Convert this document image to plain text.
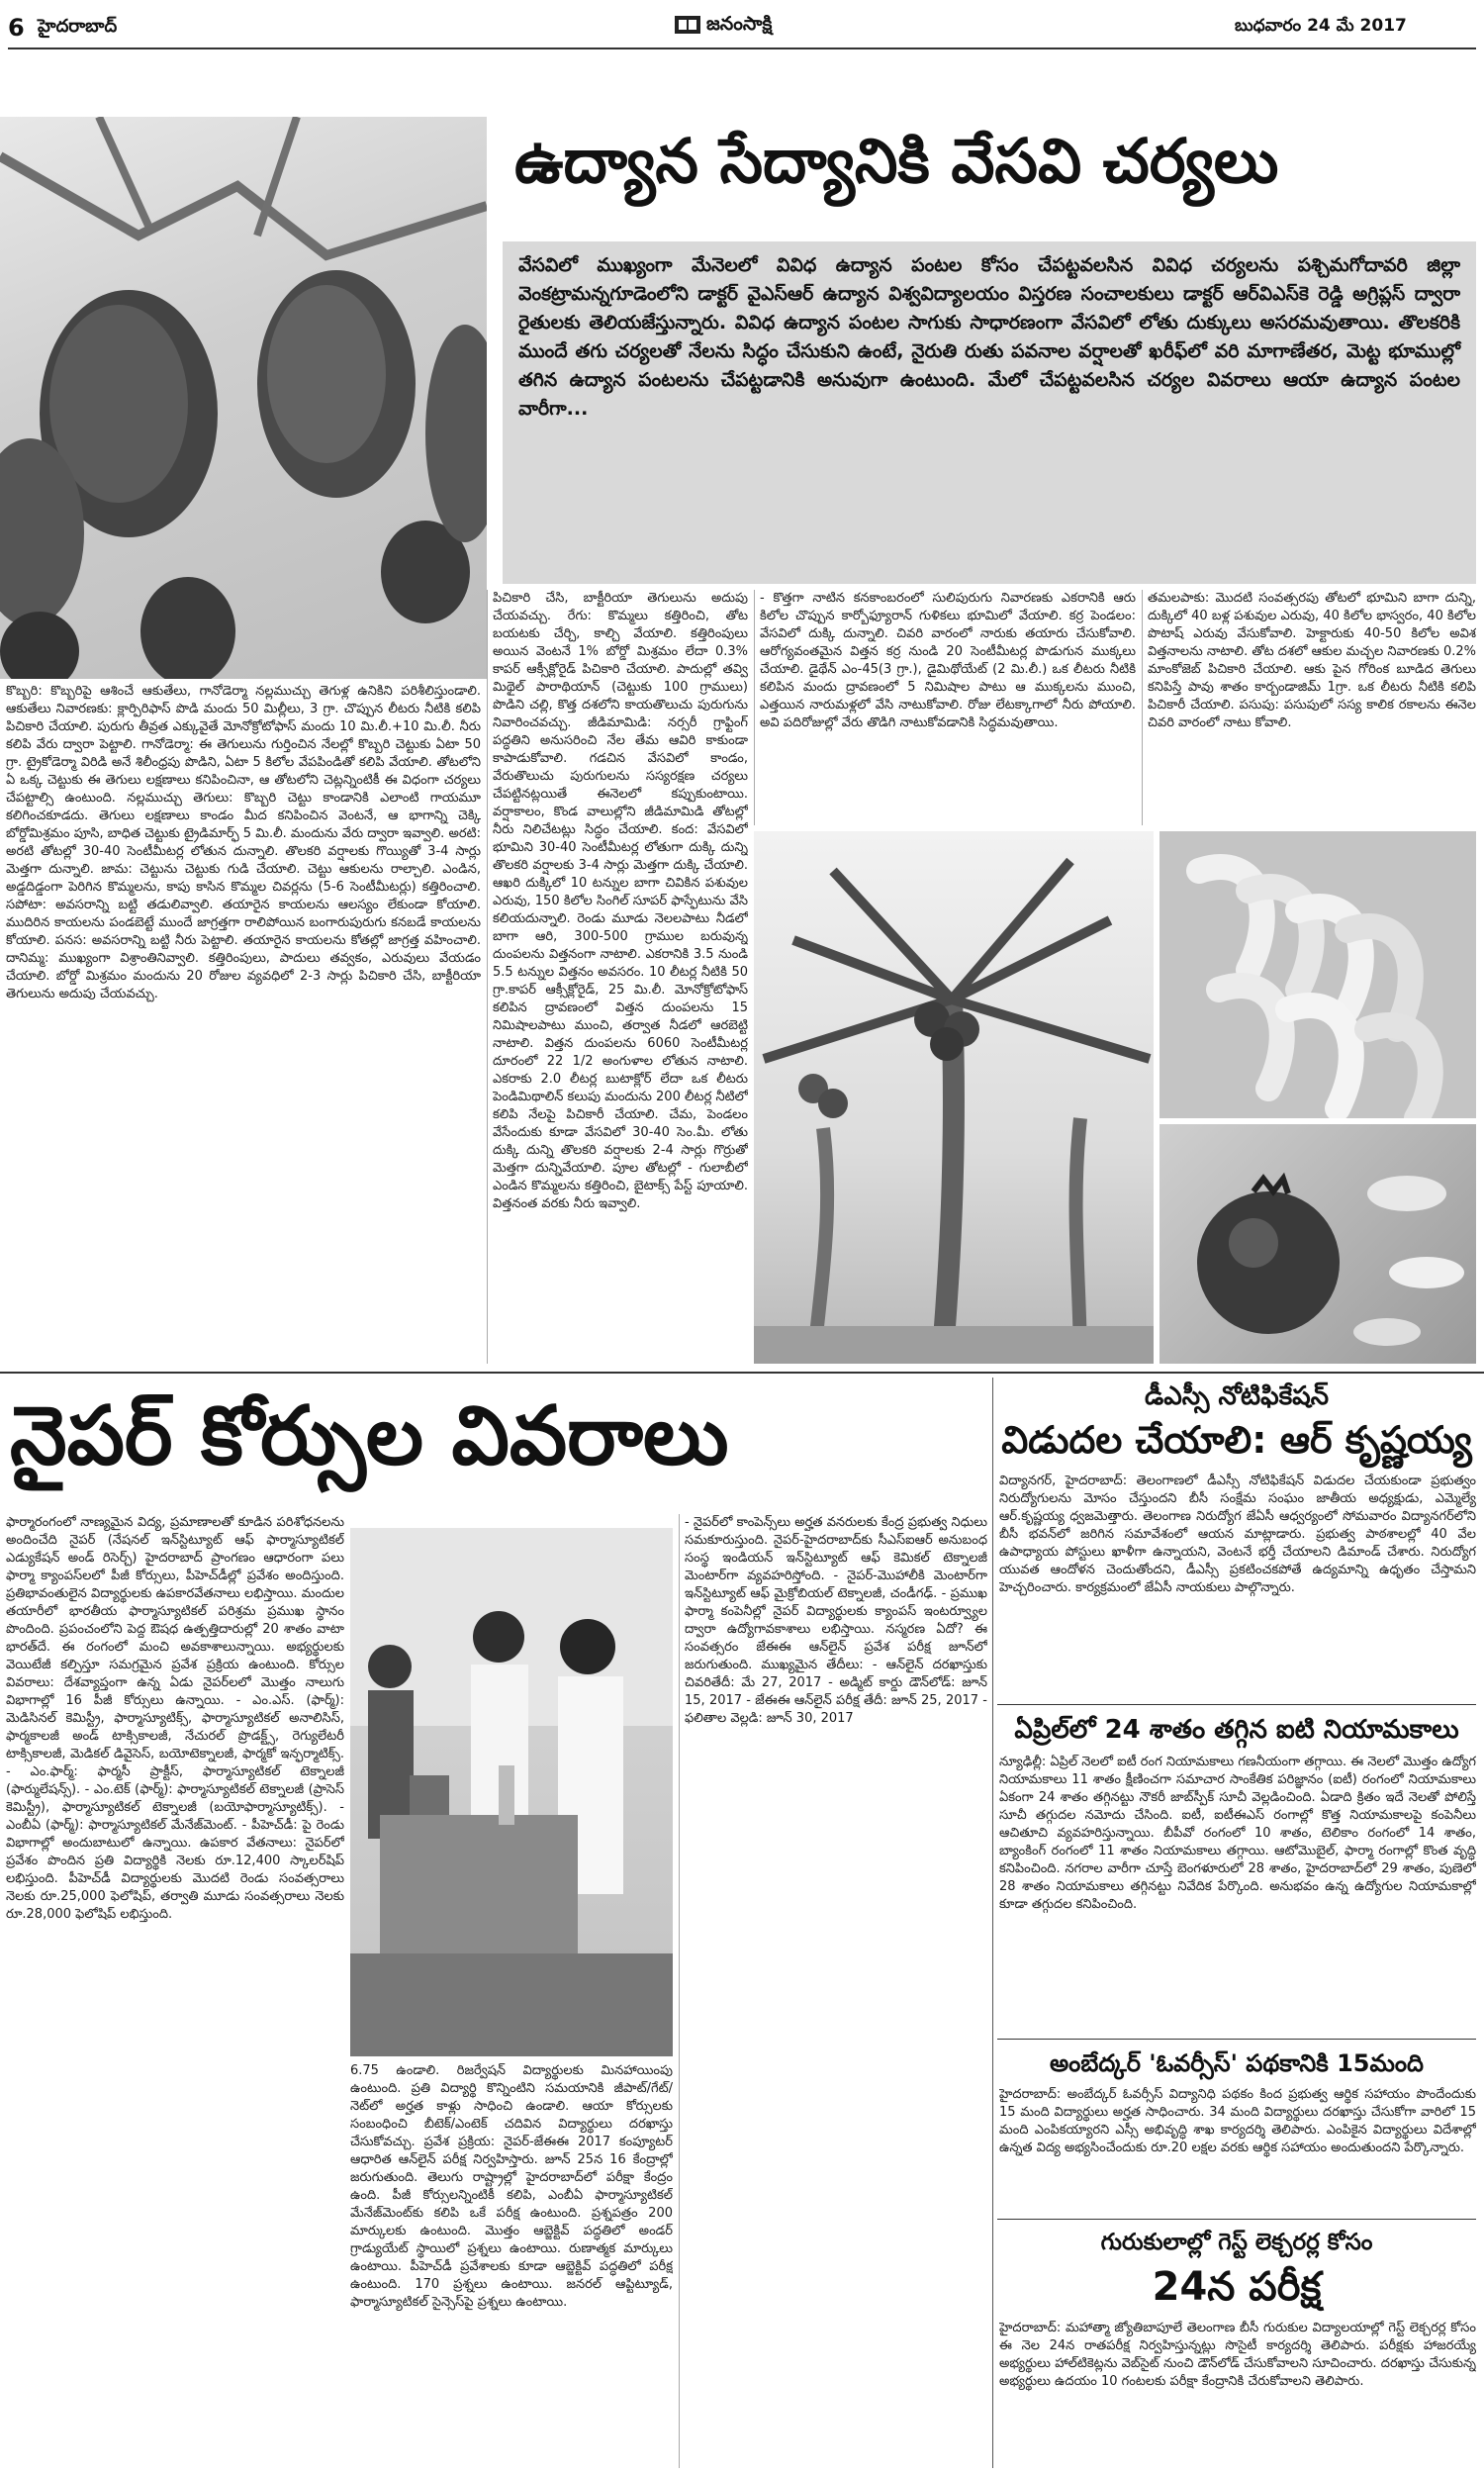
6 హైదరాబాద్	జనంసాక్షి	బుధవారం 24 మే 2017
ఉద్యాన సేద్యానికి వేసవి చర్యలు
వేసవిలో ముఖ్యంగా మేనెలలో వివిధ ఉద్యాన పంటల కోసం చేపట్టవలసిన వివిధ చర్యలను పశ్చిమగోదావరి జిల్లా వెంకట్రామన్నగూడెంలోని డాక్టర్ వైఎస్ఆర్ ఉద్యాన విశ్వవిద్యాలయం విస్తరణ సంచాలకులు డాక్టర్ ఆర్‌విఎస్‌కె రెడ్డి అగ్రిప్లస్ ద్వారా రైతులకు తెలియజేస్తున్నారు. వివిధ ఉద్యాన పంటల సాగుకు సాధారణంగా వేసవిలో లోతు దుక్కులు అసరమవుతాయి. తొలకరికి ముందే తగు చర్యలతో నేలను సిద్ధం చేసుకుని ఉంటే, నైరుతి రుతు పవనాల వర్షాలతో ఖరీఫ్‌లో వరి మాగాణేతర, మెట్ట భూముల్లో తగిన ఉద్యాన పంటలను చేపట్టడానికి అనువుగా ఉంటుంది. మేలో చేపట్టవలసిన చర్యల వివరాలు ఆయా ఉద్యాన పంటల వారీగా...
కొబ్బరి: కొబ్బరిపై ఆశించే ఆకుతేలు, గానోడెర్మా నల్లముచ్చు తెగుళ్ల ఉనికిని పరిశీలిస్తుండాలి. ఆకుతేలు నివారణకు: క్లార్పిరిఫాస్ పొడి మందు 50 మిల్లీలు, 3 గ్రా. చొప్పున లీటరు నీటికి కలిపి పిచికారి చేయాలి. పురుగు తీవ్రత ఎక్కువైతే మోనోక్రోటోఫాస్ మందు 10 మి.లీ.+10 మి.లీ. నీరు కలిపి వేరు ద్వారా పెట్టాలి. గానోడెర్మా: ఈ తెగులును గుర్తించిన నేలల్లో కొబ్బరి చెట్టుకు ఏటా 50 గ్రా. ట్రైకోడెర్మా విరిడి అనే శిలీంధ్రపు పొడిని, ఏటా 5 కిలోల వేపపిండితో కలిపి వేయాలి. తోటలోని ఏ ఒక్క చెట్టుకు ఈ తెగులు లక్షణాలు కనిపించినా, ఆ తోటలోని చెట్లన్నింటికీ ఈ విధంగా చర్యలు చేపట్టాల్సి ఉంటుంది. నల్లముచ్చు తెగులు: కొబ్బరి చెట్టు కాండానికి ఎలాంటి గాయమూ కలిగించకూడదు. తెగులు లక్షణాలు కాండం మీద కనిపించిన వెంటనే, ఆ భాగాన్ని చెక్కి బోర్డోమిశ్రమం పూసి, బాధిత చెట్టుకు ట్రైడిమార్ఫ్ 5 మి.లీ. మందును వేరు ద్వారా ఇవ్వాలి. అరటి: అరటి తోటల్లో 30-40 సెంటీమీటర్ల లోతున దున్నాలి. తొలకరి వర్షాలకు గొయ్యితో 3-4 సార్లు మెత్తగా దున్నాలి. జామ: చెట్టును చెట్టుకు గుడి చేయాలి. చెట్టు ఆకులను రాల్చాలి. ఎండిన, అడ్డదిడ్డంగా పెరిగిన కొమ్మలను, కాపు కాసిన కొమ్మల చివర్లను (5-6 సెంటీమీటర్లు) కత్తిరించాలి. సపోటా: అవసరాన్ని బట్టి తడులివ్వాలి. తయారైన కాయలను ఆలస్యం లేకుండా కోయాలి. ముదిరిన కాయలను పండబెట్టే ముందే జాగ్రత్తగా రాలిపోయిన బంగారుపురుగు కనబడే కాయలను కోయాలి. పనస: అవసరాన్ని బట్టి నీరు పెట్టాలి. తయారైన కాయలను కోతల్లో జాగ్రత్త వహించాలి. దానిమ్మ: ముఖ్యంగా విశ్రాంతినివ్వాలి. కత్తిరింపులు, పాదులు తవ్వకం, ఎరువులు వేయడం చేయాలి. బోర్డో మిశ్రమం మందును 20 రోజుల వ్యవధిలో 2-3 సార్లు పిచికారి చేసి, బాక్టీరియా తెగులును అదుపు చేయవచ్చు.
పిచికారి చేసి, బాక్టీరియా తెగులును అదుపు చేయవచ్చు. రేగు: కొమ్మలు కత్తిరించి, తోట బయటకు చేర్చి, కాల్చి వేయాలి. కత్తిరింపులు అయిన వెంటనే 1% బోర్డో మిశ్రమం లేదా 0.3% కాపర్ ఆక్సీక్లోరైడ్ పిచికారి చేయాలి. పాదుల్లో తవ్వి మిథైల్ పారాథియాన్ (చెట్టుకు 100 గ్రాములు) పొడిని చల్లి, కొత్త దశలోని కాయతొలుచు పురుగును నివారించవచ్చు. జీడిమామిడి: నర్సరీ గ్రాఫ్టింగ్ పద్ధతిని అనుసరించి నేల తేమ ఆవిరి కాకుండా కాపాడుకోవాలి. గడచిన వేసవిలో కాండం, వేరుతొలుచు పురుగులను సస్యరక్షణ చర్యలు చేపట్టినట్లయితే ఈనెలలో కప్పుకుంటాయి. వర్షాకాలం, కొండ వాలుల్లోని జీడిమామిడి తోటల్లో నీరు నిలిచేటట్లు సిద్ధం చేయాలి. కంద: వేసవిలో భూమిని 30-40 సెంటీమీటర్ల లోతుగా దుక్కి దున్ని తొలకరి వర్షాలకు 3-4 సార్లు మెత్తగా దుక్కి చేయాలి. ఆఖరి దుక్కిలో 10 టన్నుల బాగా చివికిన పశువుల ఎరువు, 150 కిలోల సింగిల్ సూపర్ ఫాస్ఫేటును వేసి కలియదున్నాలి. రెండు మూడు నెలలపాటు నీడలో బాగా ఆరి, 300-500 గ్రాముల బరువున్న దుంపలను విత్తనంగా నాటాలి. ఎకరానికి 3.5 నుండి 5.5 టన్నుల విత్తనం అవసరం. 10 లీటర్ల నీటికి 50 గ్రా.కాపర్ ఆక్సీక్లోరైడ్, 25 మి.లీ. మోనోక్రోటోఫాస్ కలిపిన ద్రావణంలో విత్తన దుంపలను 15 నిమిషాలపాటు ముంచి, తర్వాత నీడలో ఆరబెట్టి నాటాలి. విత్తన దుంపలను 6060 సెంటీమీటర్ల దూరంలో 22 1/2 అంగుళాల లోతున నాటాలి. ఎకరాకు 2.0 లీటర్ల బుటాక్లోర్ లేదా ఒక లీటరు పెండిమిథాలిన్ కలుపు మందును 200 లీటర్ల నీటిలో కలిపి నేలపై పిచికారీ చేయాలి. చేమ, పెండలం వేసేందుకు కూడా వేసవిలో 30-40 సెం.మీ. లోతు దుక్కి దున్ని తొలకరి వర్షాలకు 2-4 సార్లు గొర్రుతో మెత్తగా దున్నివేయాలి. పూల తోటల్లో - గులాబీలో ఎండిన కొమ్మలను కత్తిరించి, బైటాక్స్ పేస్ట్ పూయాలి. విత్తనంత వరకు నీరు ఇవ్వాలి.
- కొత్తగా నాటిన కనకాంబరంలో సులిపురుగు నివారణకు ఎకరానికి ఆరు కిలోల చొప్పున కార్బోఫ్యూరాన్ గుళికలు భూమిలో వేయాలి. కర్ర పెండలం: వేసవిలో దుక్కి దున్నాలి. చివరి వారంలో నారుకు తయారు చేసుకోవాలి. ఆరోగ్యవంతమైన విత్తన కర్ర నుండి 20 సెంటీమీటర్ల పొడుగున ముక్కలు చేయాలి. డైథేన్ ఎం-45(3 గ్రా.), డైమిథోయేట్ (2 మి.లీ.) ఒక లీటరు నీటికి కలిపిన మందు ద్రావణంలో 5 నిమిషాల పాటు ఆ ముక్కలను ముంచి, ఎత్తయిన నారుమళ్లలో వేసి నాటుకోవాలి. రోజు లేటక్కాగాలో నీరు పోయాలి. అవి పదిరోజుల్లో వేరు తొడిగి నాటుకోవడానికి సిద్ధమవుతాయి.
తమలపాకు: మొదటి సంవత్సరపు తోటలో భూమిని బాగా దున్ని, దుక్కిలో 40 బళ్ల పశువుల ఎరువు, 40 కిలోల భాస్వరం, 40 కిలోల పొటాష్ ఎరువు వేసుకోవాలి. హెక్టారుకు 40-50 కిలోల అవిశ విత్తనాలను నాటాలి. తోట దశలో ఆకుల మచ్చల నివారణకు 0.2% మాంకోజెబ్ పిచికారి చేయాలి. ఆకు పైన గోరింక బూడిద తెగులు కనిపిస్తే పావు శాతం కార్బండాజిమ్ 1గ్రా. ఒక లీటరు నీటికి కలిపి పిచికారీ చేయాలి. పసుపు: పసుపులో సస్య కాలిక రకాలను ఈనెల చివరి వారంలో నాటు కోవాలి.
నైపర్ కోర్సుల వివరాలు
ఫార్మారంగంలో నాణ్యమైన విద్య, ప్రమాణాలతో కూడిన పరిశోధనలను అందించేది నైపర్‌ (నేషనల్ ఇన్‌స్టిట్యూట్ ఆఫ్ ఫార్మాస్యూటికల్ ఎడ్యుకేషన్ అండ్ రిసెర్చ్) హైదరాబాద్ ప్రాంగణం ఆధారంగా పలు ఫార్మా క్యాంపస్‌లలో పీజీ కోర్సులు, పీహెచ్‌డీల్లో ప్రవేశం అందిస్తుంది. ప్రతిభావంతులైన విద్యార్థులకు ఉపకారవేతనాలు లభిస్తాయి. మందుల తయారీలో భారతీయ ఫార్మాస్యూటికల్ పరిశ్రమ ప్రముఖ స్థానం పొందింది. ప్రపంచంలోని పెద్ద ఔషధ ఉత్పత్తిదారుల్లో 20 శాతం వాటా భారత్‌దే. ఈ రంగంలో మంచి అవకాశాలున్నాయి. అభ్యర్థులకు వెయిటేజీ కల్పిస్తూ సమగ్రమైన ప్రవేశ ప్రక్రియ ఉంటుంది. కోర్సుల వివరాలు: దేశవ్యాప్తంగా ఉన్న ఏడు నైపర్‌లలో మొత్తం నాలుగు విభాగాల్లో 16 పీజీ కోర్సులు ఉన్నాయి. - ఎం.ఎస్. (ఫార్మ్): మెడిసినల్ కెమిస్ట్రీ, ఫార్మాస్యూటిక్స్, ఫార్మాస్యూటికల్ అనాలిసిస్, ఫార్మకాలజీ అండ్ టాక్సికాలజీ, నేచురల్ ప్రొడక్ట్స్, రెగ్యులేటరీ టాక్సికాలజీ, మెడికల్ డివైసెస్, బయోటెక్నాలజీ, ఫార్మకో ఇన్ఫర్మాటిక్స్. - ఎం.ఫార్మ్: ఫార్మసీ ప్రాక్టీస్, ఫార్మాస్యూటికల్ టెక్నాలజీ (ఫార్ములేషన్స్). - ఎం.టెక్ (ఫార్మ్): ఫార్మాస్యూటికల్ టెక్నాలజీ (ప్రాసెస్ కెమిస్ట్రీ), ఫార్మాస్యూటికల్ టెక్నాలజీ (బయోఫార్మాస్యూటిక్స్). - ఎంబీఏ (ఫార్మ్): ఫార్మాస్యూటికల్ మేనేజ్‌మెంట్. - పీహెచ్‌డీ: పై రెండు విభాగాల్లో అందుబాటులో ఉన్నాయి. ఉపకార వేతనాలు: నైపర్‌లో ప్రవేశం పొందిన ప్రతి విద్యార్థికి నెలకు రూ.12,400 స్కాలర్‌షిప్ లభిస్తుంది. పీహెచ్‌డీ విద్యార్థులకు మొదటి రెండు సంవత్సరాలు నెలకు రూ.25,000 ఫెలోషిప్, తర్వాతి మూడు సంవత్సరాలు నెలకు రూ.28,000 ఫెలోషిప్ లభిస్తుంది.
6.75 ఉండాలి. రిజర్వేషన్ విద్యార్థులకు మినహాయింపు ఉంటుంది. ప్రతి విద్యార్థి కొన్నింటిని సమయానికి జీపాట్/గేట్/నెట్‌లో అర్హత కాళ్లు సాధించి ఉండాలి. ఆయా కోర్సులకు సంబంధించి బీటెక్/ఎంటెక్ చదివిన విద్యార్థులు దరఖాస్తు చేసుకోవచ్చు. ప్రవేశ ప్రక్రియ: నైపర్-జేఈఈ 2017 కంప్యూటర్ ఆధారిత ఆన్‌లైన్ పరీక్ష నిర్వహిస్తారు. జూన్ 25న 16 కేంద్రాల్లో జరుగుతుంది. తెలుగు రాష్ట్రాల్లో హైదరాబాద్‌లో పరీక్షా కేంద్రం ఉంది. పీజీ కోర్సులన్నింటికీ కలిపి, ఎంబీఏ ఫార్మాస్యూటికల్ మేనేజ్‌మెంట్‌కు కలిపి ఒకే పరీక్ష ఉంటుంది. ప్రశ్నపత్రం 200 మార్కులకు ఉంటుంది. మొత్తం ఆబ్జెక్టివ్ పద్ధతిలో అండర్ గ్రాడ్యుయేట్ స్థాయిలో ప్రశ్నలు ఉంటాయి. రుణాత్మక మార్కులు ఉంటాయి. పీహెచ్‌డీ ప్రవేశాలకు కూడా ఆబ్జెక్టివ్ పద్ధతిలో పరీక్ష ఉంటుంది. 170 ప్రశ్నలు ఉంటాయి. జనరల్ ఆప్టిట్యూడ్, ఫార్మాస్యూటికల్ సైన్సెస్‌పై ప్రశ్నలు ఉంటాయి.
- నైపర్‌లో కాంపెన్స్‌లు అర్హత వనరులకు కేంద్ర ప్రభుత్వ నిధులు సమకూరుస్తుంది. నైపర్-హైదరాబాద్‌కు సీఎస్ఐఆర్ అనుబంధ సంస్థ ఇండియన్ ఇన్‌స్టిట్యూట్ ఆఫ్ కెమికల్ టెక్నాలజీ మెంటార్‌గా వ్యవహరిస్తోంది. - నైపర్-మొహాలీకి మెంటార్‌గా ఇన్‌స్టిట్యూట్ ఆఫ్ మైక్రోబియల్ టెక్నాలజీ, చండీగఢ్. - ప్రముఖ ఫార్మా కంపెనీల్లో నైపర్ విద్యార్థులకు క్యాంపస్ ఇంటర్వ్యూల ద్వారా ఉద్యోగావకాశాలు లభిస్తాయి. నస్మరణ ఏదో? ఈ సంవత్సరం జేఈఈ ఆన్‌లైన్ ప్రవేశ పరీక్ష జూన్‌లో జరుగుతుంది. ముఖ్యమైన తేదీలు: - ఆన్‌లైన్ దరఖాస్తుకు చివరితేదీ: మే 27, 2017 - అడ్మిట్ కార్డు డౌన్‌లోడ్: జూన్ 15, 2017 - జేఈఈ ఆన్‌లైన్ పరీక్ష తేదీ: జూన్ 25, 2017 - ఫలితాల వెల్లడి: జూన్ 30, 2017
డీఎస్సీ నోటిఫికేషన్
విడుదల చేయాలి: ఆర్ కృష్ణయ్య
విద్యానగర్, హైదరాబాద్: తెలంగాణలో డీఎస్సీ నోటిఫికేషన్ విడుదల చేయకుండా ప్రభుత్వం నిరుద్యోగులను మోసం చేస్తుందని బీసీ సంక్షేమ సంఘం జాతీయ అధ్యక్షుడు, ఎమ్మెల్యే ఆర్.కృష్ణయ్య ధ్వజమెత్తారు. తెలంగాణ నిరుద్యోగ జేఏసీ ఆధ్వర్యంలో సోమవారం విద్యానగర్‌లోని బీసీ భవన్‌లో జరిగిన సమావేశంలో ఆయన మాట్లాడారు. ప్రభుత్వ పాఠశాలల్లో 40 వేల ఉపాధ్యాయ పోస్టులు ఖాళీగా ఉన్నాయని, వెంటనే భర్తీ చేయాలని డిమాండ్ చేశారు. నిరుద్యోగ యువత ఆందోళన చెందుతోందని, డీఎస్సీ ప్రకటించకపోతే ఉద్యమాన్ని ఉధృతం చేస్తామని హెచ్చరించారు. కార్యక్రమంలో జేఏసీ నాయకులు పాల్గొన్నారు.
ఏప్రిల్‌లో 24 శాతం తగ్గిన ఐటి నియామకాలు
న్యూఢిల్లీ: ఏప్రిల్ నెలలో ఐటీ రంగ నియామకాలు గణనీయంగా తగ్గాయి. ఈ నెలలో మొత్తం ఉద్యోగ నియామకాలు 11 శాతం క్షీణించగా సమాచార సాంకేతిక పరిజ్ఞానం (ఐటీ) రంగంలో నియామకాలు ఏకంగా 24 శాతం తగ్గినట్టు నౌకరీ జాబ్‌స్పీక్ సూచీ వెల్లడించింది. ఏడాది క్రితం ఇదే నెలతో పోలిస్తే సూచీ తగ్గుదల నమోదు చేసింది. ఐటీ, ఐటీఈఎస్ రంగాల్లో కొత్త నియామకాలపై కంపెనీలు ఆచితూచి వ్యవహరిస్తున్నాయి. బీపీవో రంగంలో 10 శాతం, టెలికాం రంగంలో 14 శాతం, బ్యాంకింగ్ రంగంలో 11 శాతం నియామకాలు తగ్గాయి. ఆటోమొబైల్, ఫార్మా రంగాల్లో కొంత వృద్ధి కనిపించింది. నగరాల వారీగా చూస్తే బెంగళూరులో 28 శాతం, హైదరాబాద్‌లో 29 శాతం, పుణెలో 28 శాతం నియామకాలు తగ్గినట్టు నివేదిక పేర్కొంది. అనుభవం ఉన్న ఉద్యోగుల నియామకాల్లో కూడా తగ్గుదల కనిపించింది.
అంబేద్కర్ 'ఓవర్సీస్' పథకానికి 15మంది
హైదరాబాద్: అంబేద్కర్ ఓవర్సీస్ విద్యానిధి పథకం కింద ప్రభుత్వ ఆర్థిక సహాయం పొందేందుకు 15 మంది విద్యార్థులు అర్హత సాధించారు. 34 మంది విద్యార్థులు దరఖాస్తు చేసుకోగా వారిలో 15 మంది ఎంపికయ్యారని ఎస్సీ అభివృద్ధి శాఖ కార్యదర్శి తెలిపారు. ఎంపికైన విద్యార్థులు విదేశాల్లో ఉన్నత విద్య అభ్యసించేందుకు రూ.20 లక్షల వరకు ఆర్థిక సహాయం అందుతుందని పేర్కొన్నారు.
గురుకులాల్లో గెస్ట్ లెక్చరర్ల కోసం
24న పరీక్ష
హైదరాబాద్: మహాత్మా జ్యోతిబాపూలే తెలంగాణ బీసీ గురుకుల విద్యాలయాల్లో గెస్ట్ లెక్చరర్ల కోసం ఈ నెల 24న రాతపరీక్ష నిర్వహిస్తున్నట్లు సొసైటీ కార్యదర్శి తెలిపారు. పరీక్షకు హాజరయ్యే అభ్యర్థులు హాల్‌టికెట్లను వెబ్‌సైట్ నుంచి డౌన్‌లోడ్ చేసుకోవాలని సూచించారు. దరఖాస్తు చేసుకున్న అభ్యర్థులు ఉదయం 10 గంటలకు పరీక్షా కేంద్రానికి చేరుకోవాలని తెలిపారు.
